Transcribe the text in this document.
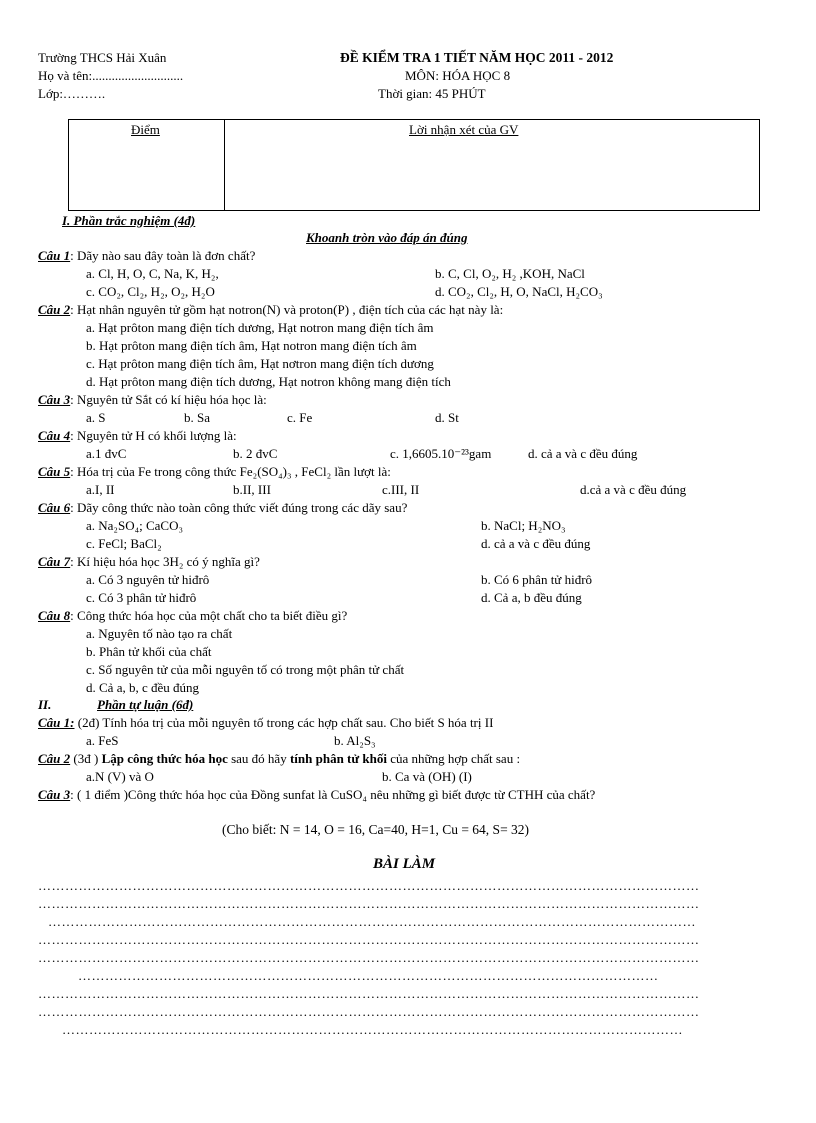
Trường THCS Hải Xuân
Họ và tên:............................
Lớp:……….
ĐỀ KIỂM TRA 1 TIẾT NĂM HỌC 2011 - 2012
MÔN: HÓA HỌC 8
Thời gian: 45 PHÚT
Điểm	Lời nhận xét của GV
I. Phần trắc nghiệm (4đ)
Khoanh tròn vào đáp án đúng
Câu 1: Dãy nào sau đây toàn là đơn chất?
a. Cl, H, O, C, Na, K, H₂,	b. C, Cl, O₂, H₂ ,KOH, NaCl
c. CO₂, Cl₂, H₂, O₂, H₂O	d. CO₂, Cl₂, H, O, NaCl, H₂CO₃
Câu 2: Hạt nhân nguyên tử gồm hạt notron(N) và proton(P) , điện tích của các hạt này là:
a. Hạt prôton mang điện tích dương, Hạt notron mang điện tích âm
b. Hạt prôton mang điện tích âm, Hạt notron mang điện tích âm
c. Hạt prôton mang điện tích âm, Hạt nơtron mang điện tích dương
d. Hạt prôton mang điện tích dương, Hạt notron không mang điện tích
Câu 3: Nguyên tử Sắt có kí hiệu hóa học là:
a. S	b. Sa	c. Fe	d. St
Câu 4: Nguyên tử H có khối lượng là:
a.1 đvC	b. 2 đvC	c. 1,6605.10⁻²³gam	d. cả a và c đều đúng
Câu 5: Hóa trị của Fe trong công thức Fe₂(SO₄)₃ , FeCl₂ lần lượt là:
a.I, II	b.II, III	c.III, II	d.cả a và c đều đúng
Câu 6: Dãy công thức nào toàn công thức viết đúng trong các dãy sau?
a. Na₂SO₄; CaCO₃	b. NaCl; H₂NO₃
c. FeCl; BaCl₂	d. cả a và c đều đúng
Câu 7: Kí hiệu hóa học 3H₂ có ý nghĩa gì?
a. Có 3 nguyên tử hiđrô	b. Có 6 phân tử hiđrô
c. Có 3 phân tử hiđrô	d. Cả a, b đều đúng
Câu 8: Công thức hóa học của một chất cho ta biết điều gì?
a. Nguyên tố nào tạo ra chất
b. Phân tử khối của chất
c. Số nguyên tử của mỗi nguyên tố có trong một phân tử chất
d. Cả a, b, c đều đúng
II.	Phần tự luận (6đ)
Câu 1: (2đ) Tính hóa trị của mỗi nguyên tố trong các hợp chất sau. Cho biết S hóa trị II
a. FeS	b. Al₂S₃
Câu 2 (3đ ) Lập công thức hóa học sau đó hãy tính phân tử khối của những hợp chất sau :
a.N (V) và O	b. Ca và (OH) (I)
Câu 3: ( 1 điểm )Công thức hóa học của Đồng sunfat là CuSO₄ nêu những gì biết được từ CTHH của chất?
(Cho biết: N = 14, O = 16, Ca=40, H=1, Cu = 64, S= 32)
BÀI LÀM
…………………………………………………………………………………………………………………………………
…………………………………………………………………………………………………………………………………
………………………………………………………………………………………………………………………………
…………………………………………………………………………………………………………………………………
…………………………………………………………………………………………………………………………………
…………………………………………………………………………………………………………………
…………………………………………………………………………………………………………………………………
…………………………………………………………………………………………………………………………………
…………………………………………………………………………………………………………………………
